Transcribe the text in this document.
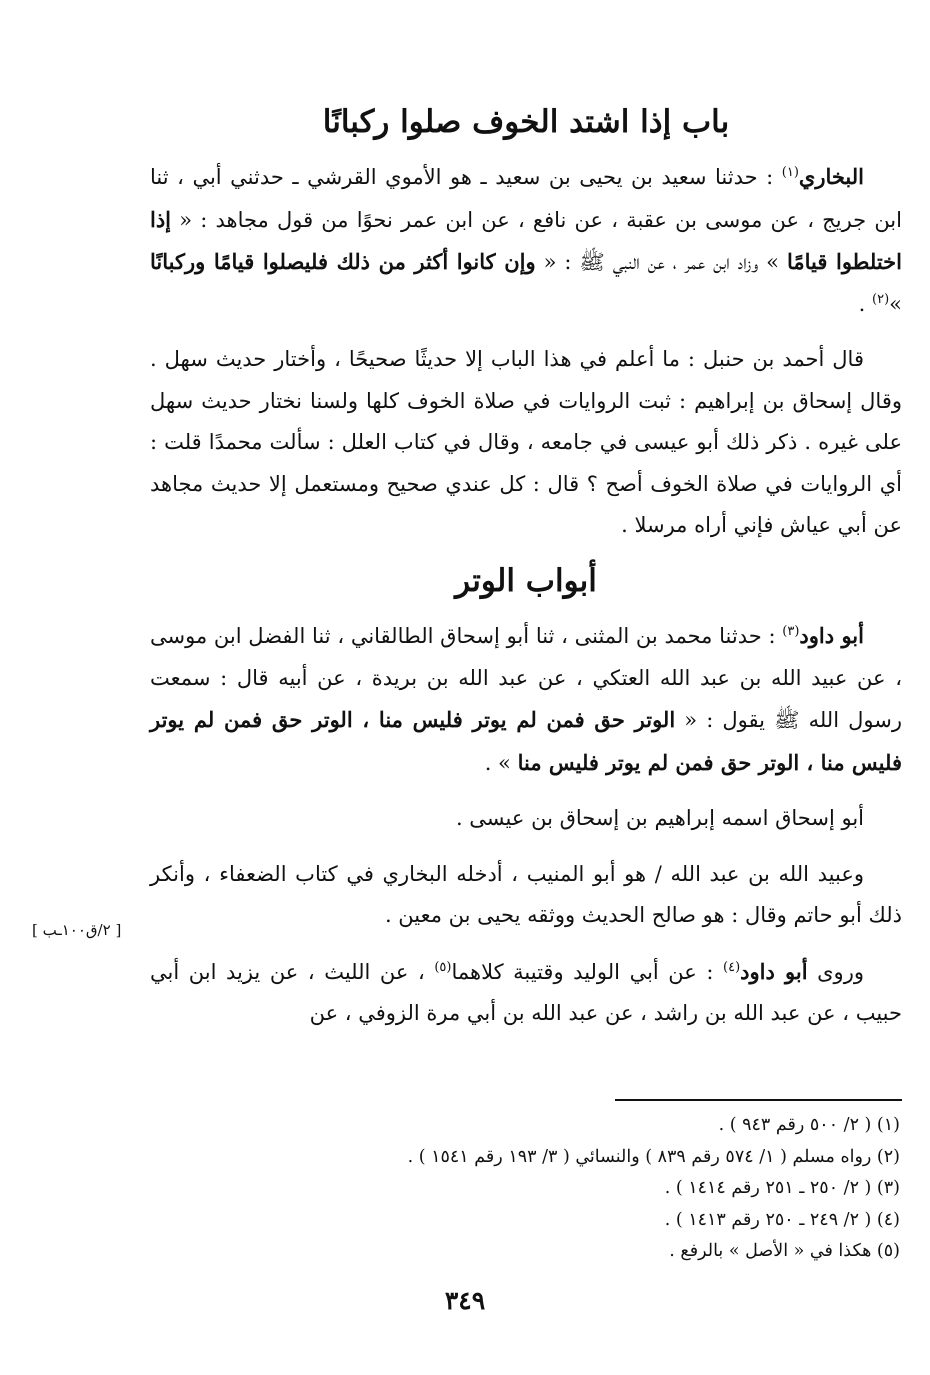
باب إذا اشتد الخوف صلوا ركبانًا

البخاري$^{(١)}$ : حدثنا سعيد بن يحيى بن سعيد ـ هو الأموي القرشي ـ حدثني أبي ، ثنا ابن جريج ، عن موسى بن عقبة ، عن نافع ، عن ابن عمر نحوًا من قول مجاهد : « إذا اختلطوا قيامًا » وزاد ابن عمر ، عن النبي ﷺ : « وإن كانوا أكثر من ذلك فليصلوا قيامًا وركبانًا »$^{(٢)}$ .

قال أحمد بن حنبل : ما أعلم في هذا الباب إلا حديثًا صحيحًا ، وأختار حديث سهل . وقال إسحاق بن إبراهيم : ثبت الروايات في صلاة الخوف كلها ولسنا نختار حديث سهل على غيره . ذكر ذلك أبو عيسى في جامعه ، وقال في كتاب العلل : سألت محمدًا قلت : أي الروايات في صلاة الخوف أصح ؟ قال : كل عندي صحيح ومستعمل إلا حديث مجاهد عن أبي عياش فإني أراه مرسلا .

أبواب الوتر

أبو داود$^{(٣)}$ : حدثنا محمد بن المثنى ، ثنا أبو إسحاق الطالقاني ، ثنا الفضل ابن موسى ، عن عبيد الله بن عبد الله العتكي ، عن عبد الله بن بريدة ، عن أبيه قال : سمعت رسول الله ﷺ يقول : « الوتر حق فمن لم يوتر فليس منا ، الوتر حق فمن لم يوتر فليس منا ، الوتر حق فمن لم يوتر فليس منا » .

أبو إسحاق اسمه إبراهيم بن إسحاق بن عيسى .

وعبيد الله بن عبد الله / هو أبو المنيب ، أدخله البخاري في كتاب الضعفاء ، وأنكر ذلك أبو حاتم وقال : هو صالح الحديث ووثقه يحيى بن معين .

وروى أبو داود$^{(٤)}$ : عن أبي الوليد وقتيبة كلاهما$^{(٥)}$ ، عن الليث ، عن يزيد ابن أبي حبيب ، عن عبد الله بن راشد ، عن عبد الله بن أبي مرة الزوفي ، عن

[ ٢/ق١٠٠ـب ]
(١) ( ٢/ ٥٠٠ رقم ٩٤٣ ) .
(٢) رواه مسلم ( ١/ ٥٧٤ رقم ٨٣٩ ) والنسائي ( ٣/ ١٩٣ رقم ١٥٤١ ) .
(٣) ( ٢/ ٢٥٠ ـ ٢٥١ رقم ١٤١٤ ) .
(٤) ( ٢/ ٢٤٩ ـ ٢٥٠ رقم ١٤١٣ ) .
(٥) هكذا في « الأصل » بالرفع .
٣٤٩
